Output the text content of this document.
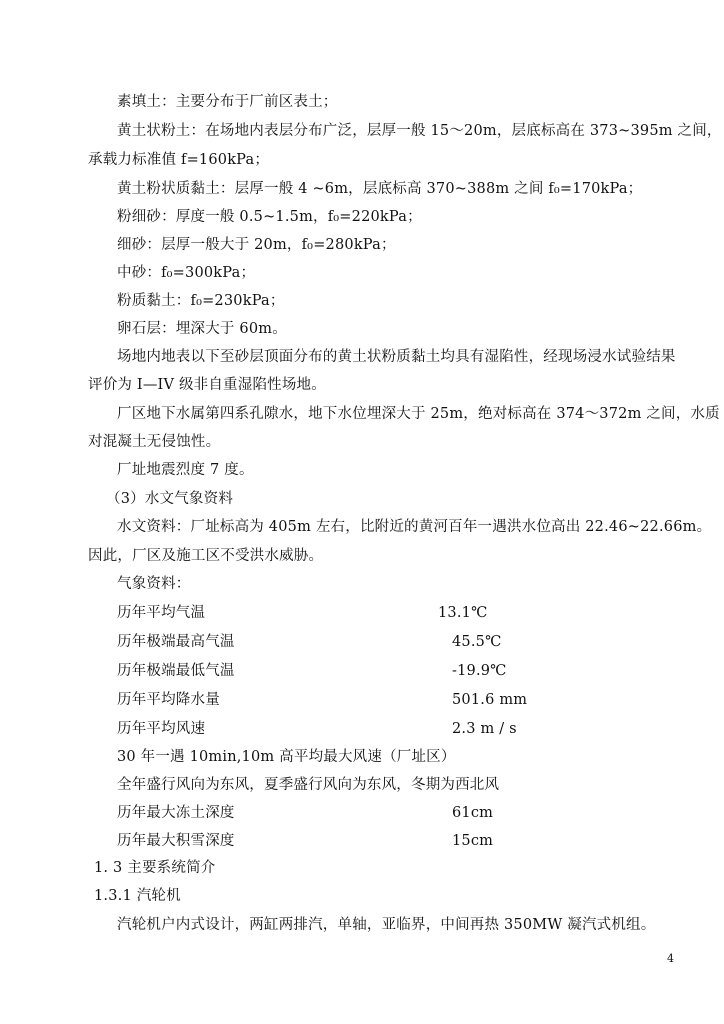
素填土：主要分布于厂前区表土；
黄土状粉土：在场地内表层分布广泛，层厚一般 15～20m，层底标高在 373~395m 之间，
承载力标准值 f=160kPa；
黄土粉状质黏土：层厚一般 4 ~6m，层底标高 370~388m 之间 f₀=170kPa；
粉细砂：厚度一般 0.5~1.5m，f₀=220kPa；
细砂：层厚一般大于 20m，f₀=280kPa；
中砂：f₀=300kPa；
粉质黏土：f₀=230kPa；
卵石层：埋深大于 60m。
场地内地表以下至砂层顶面分布的黄土状粉质黏土均具有湿陷性，经现场浸水试验结果
评价为 I—IV 级非自重湿陷性场地。
厂区地下水属第四系孔隙水，地下水位埋深大于 25m，绝对标高在 374～372m 之间，水质
对混凝土无侵蚀性。
厂址地震烈度 7 度。
（3）水文气象资料
水文资料：厂址标高为 405m 左右，比附近的黄河百年一遇洪水位高出 22.46~22.66m。
因此，厂区及施工区不受洪水威胁。
气象资料：
历年平均气温	13.1℃
历年极端最高气温	45.5℃
历年极端最低气温	-19.9℃
历年平均降水量	501.6 mm
历年平均风速	2.3 m / s
30 年一遇 10min,10m 高平均最大风速（厂址区）
全年盛行风向为东风，夏季盛行风向为东风，冬期为西北风
历年最大冻土深度	61cm
历年最大积雪深度	15cm
1. 3 主要系统简介
1.3.1 汽轮机
汽轮机户内式设计，两缸两排汽，单轴，亚临界，中间再热 350MW 凝汽式机组。
4
